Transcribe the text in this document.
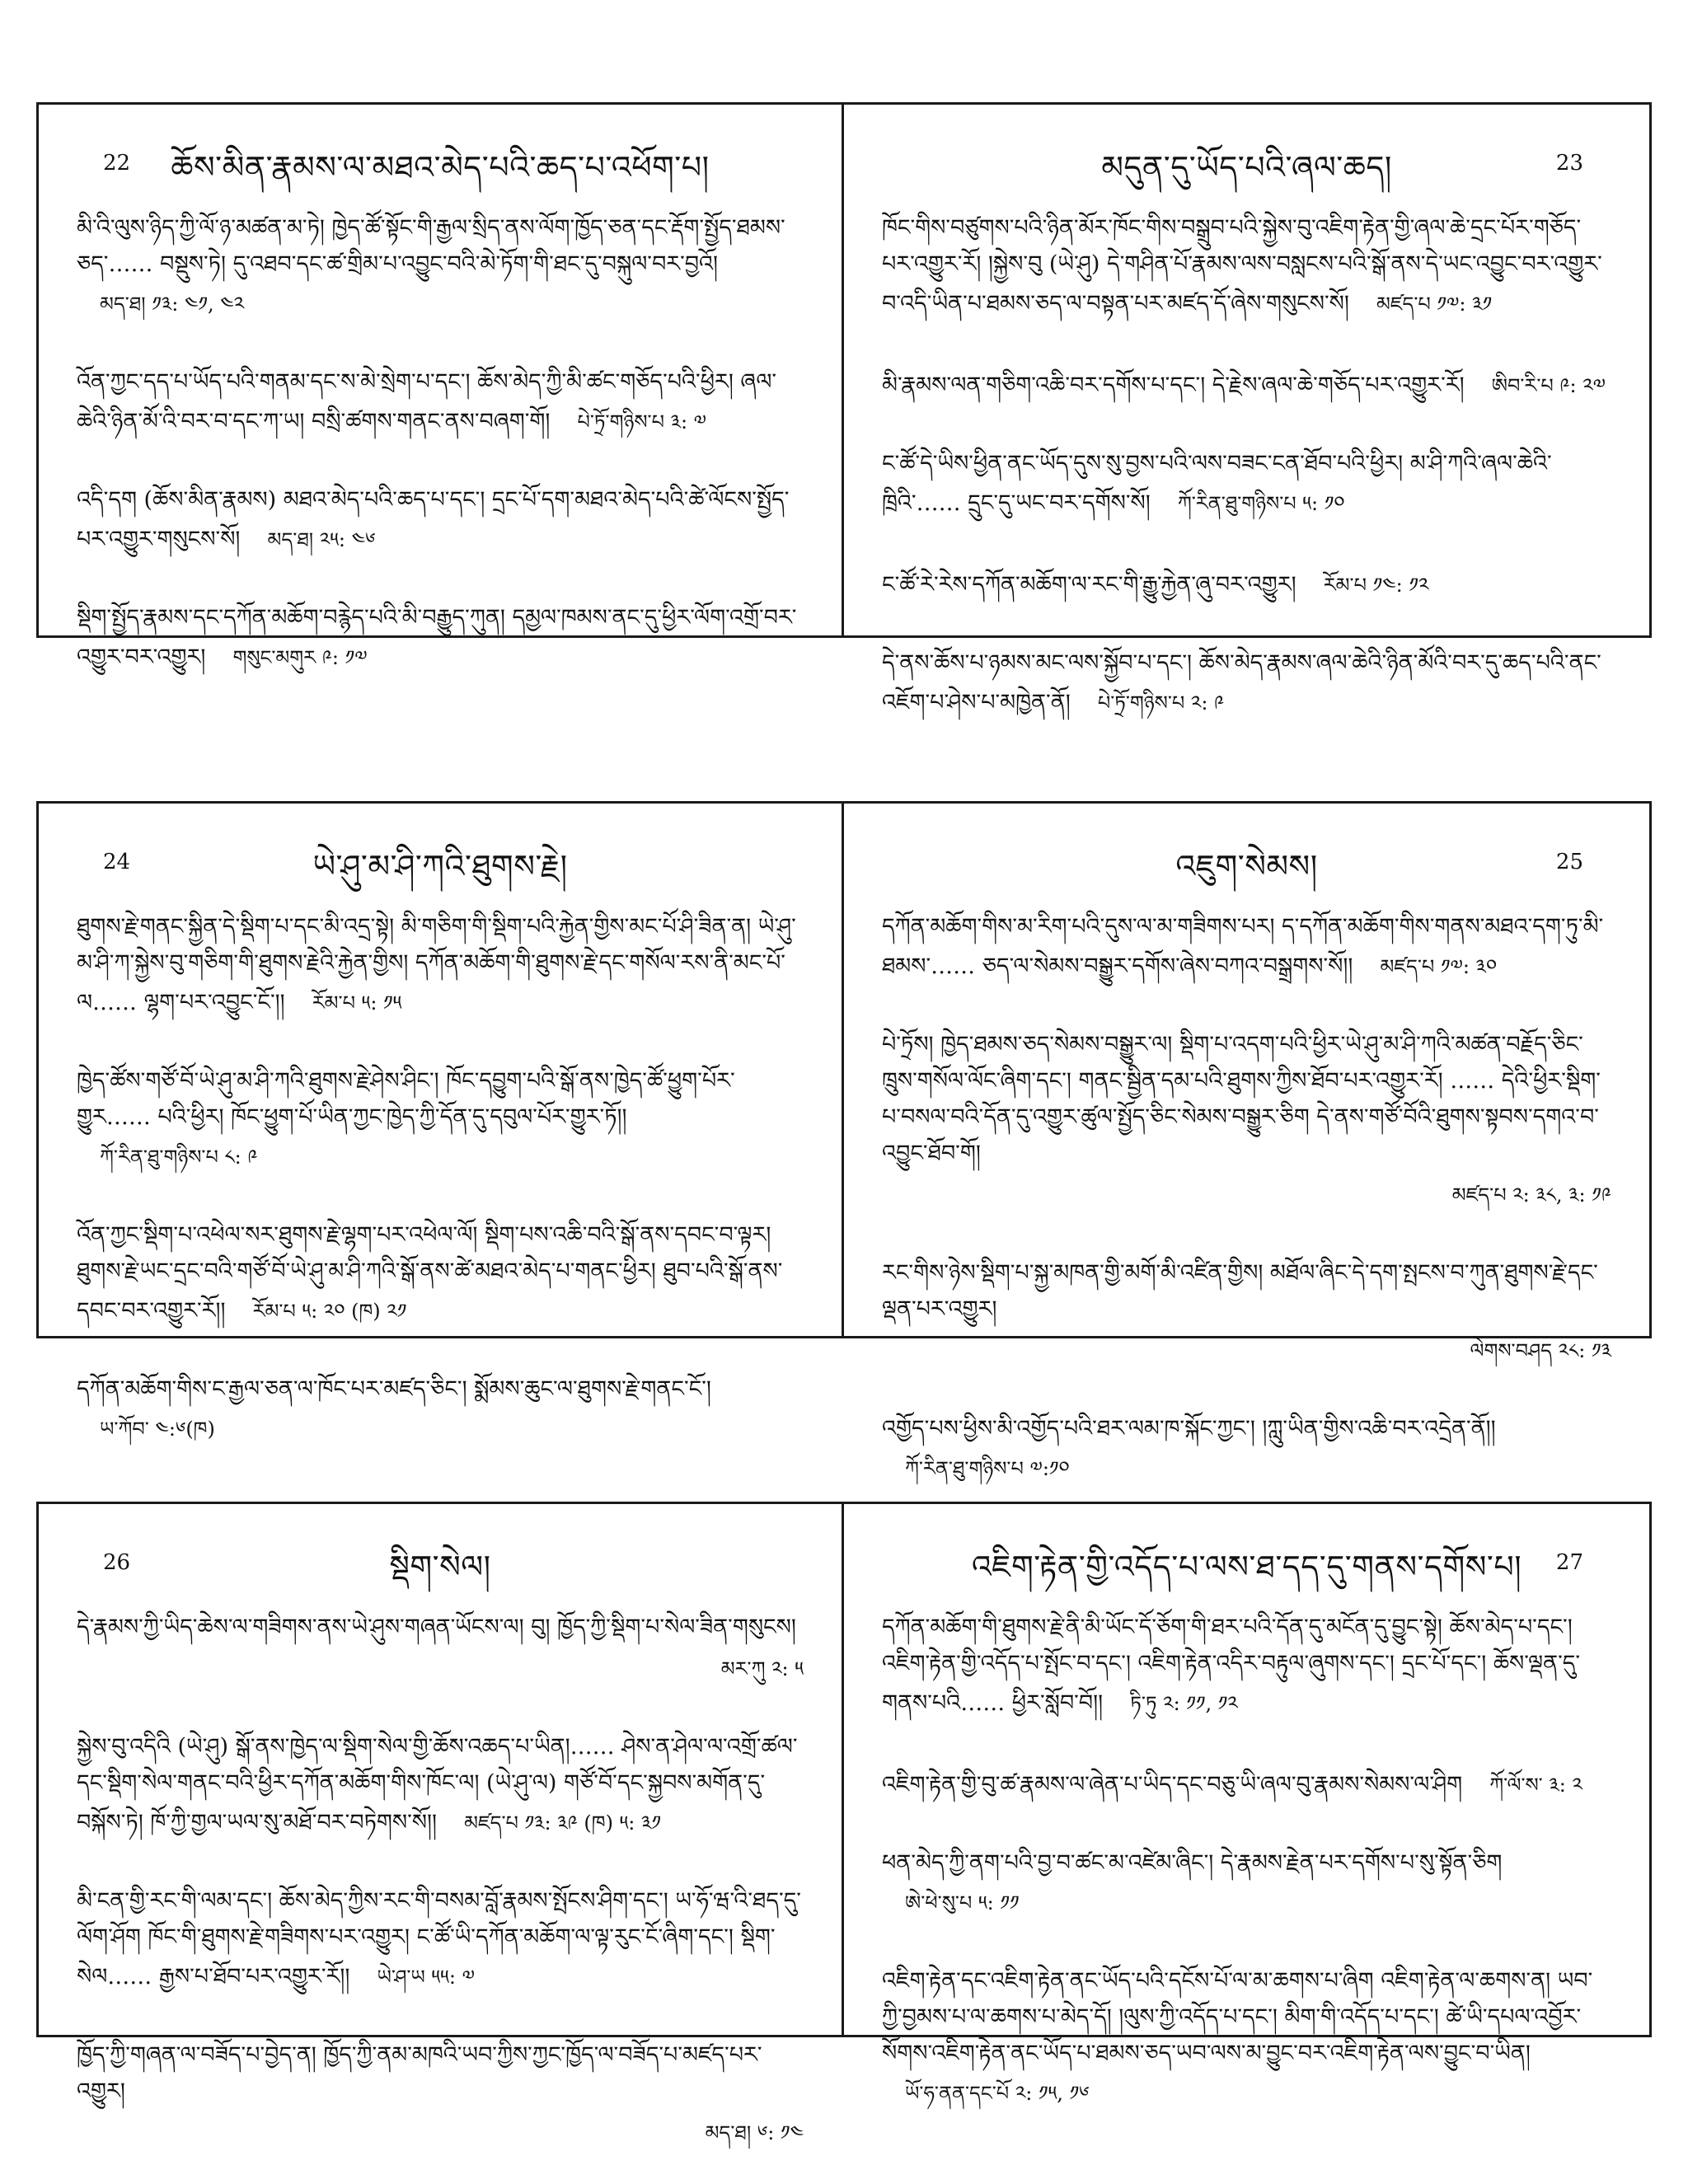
22	ཆོས་མིན་རྣམས་ལ་མཐའ་མེད་པའི་ཆད་པ་འཕོག་པ།
མི་འི་ལུས་ཉིད་ཀྱི་ལོ་ཉ་མཚན་མ་ཏེ། ཁྱེད་ཚོ་སྟོང་གི་རྒྱལ་སྲིད་ནས་ལོག་ཁྱོད་ཅན་དང་རྡོག་སྤྱོད་ཐམས་ཅད་…… བསྡུས་ཏེ། དུ་འཐབ་དང་ཚ་གྲིམ་པ་འབྱུང་བའི་མེ་ཏོག་གི་ཐང་དུ་བསྐུལ་བར་བྱའོ། མད་ཐ། ༡༣: ༤༡, ༤༢
འོན་ཀྱང་དད་པ་ཡོད་པའི་གནམ་དང་ས་མེ་སྲེག་པ་དང་། ཆོས་མེད་ཀྱི་མི་ཚང་གཅོད་པའི་ཕྱིར། ཞལ་ཆེའི་ཉིན་མོ་འི་བར་བ་དང་ཀ་ཡ། བསྲི་ཚགས་གནང་ནས་བཞག་གོ། པེ་ཏྲོ་གཉིས་པ ༣: ༧
འདི་དག (ཆོས་མིན་རྣམས) མཐའ་མེད་པའི་ཆད་པ་དང་། དྲང་པོ་དག་མཐའ་མེད་པའི་ཚེ་ལོངས་སྤྱོད་པར་འགྱུར་གསུངས་སོ། མད་ཐ། ༢༥: ༤༦
སྡིག་སྤྱོད་རྣམས་དང་དཀོན་མཆོག་བརྙེད་པའི་མི་བརྒྱུད་ཀུན། དམྱལ་ཁམས་ནང་དུ་ཕྱིར་ལོག་འགྲོ་བར་འགྱུར་བར་འགྱུར། གསུང་མགུར ༩: ༡༧
མདུན་དུ་ཡོད་པའི་ཞལ་ཆད།	23
ཁོང་གིས་བཙུགས་པའི་ཉིན་མོར་ཁོང་གིས་བསྒྲུབ་པའི་སྐྱེས་བུ་འཇིག་རྟེན་གྱི་ཞལ་ཆེ་དྲང་པོར་གཅོད་པར་འགྱུར་རོ། །སྐྱེས་བུ (ཡེ་ཤུ) དེ་གཤིན་པོ་རྣམས་ལས་བསླངས་པའི་སྒོ་ནས་དེ་ཡང་འབྱུང་བར་འགྱུར་བ་འདི་ཡིན་པ་ཐམས་ཅད་ལ་བསྟན་པར་མཛད་དོ་ཞེས་གསུངས་སོ། མཛད་པ ༡༧: ༣༡
མི་རྣམས་ལན་གཅིག་འཆི་བར་དགོས་པ་དང་། དེ་རྗེས་ཞལ་ཆེ་གཅོད་པར་འགྱུར་རོ། ཨིབ་རི་པ ༩: ༢༧
ང་ཚོ་དེ་ཡིས་ཕྱིན་ནང་ཡོད་དུས་སུ་བྱས་པའི་ལས་བཟང་ངན་ཐོབ་པའི་ཕྱིར། མ་ཤི་ཀའི་ཞལ་ཆེའི་ཁྲིའི་…… དྲུང་དུ་ཡང་བར་དགོས་སོ། ཀོ་རིན་ཐུ་གཉིས་པ ༥: ༡༠
ང་ཚོ་རེ་རེས་དཀོན་མཆོག་ལ་རང་གི་རྒྱུ་རྐྱེན་ཞུ་བར་འགྱུར། རོམ་པ ༡༤: ༡༢
དེ་ནས་ཆོས་པ་ཉམས་མང་ལས་སྐྱོབ་པ་དང་། ཆོས་མེད་རྣམས་ཞལ་ཆེའི་ཉིན་མོའི་བར་དུ་ཆད་པའི་ནང་འཇོག་པ་ཤེས་པ་མཁྱེན་ནོ། པེ་ཏྲོ་གཉིས་པ ༢: ༩
24	ཡེ་ཤུ་མ་ཤི་ཀའི་ཐུགས་རྗེ།
ཐུགས་རྗེ་གནང་སྐྱིན་དེ་སྡིག་པ་དང་མི་འདྲ་སྟེ། མི་གཅིག་གི་སྡིག་པའི་རྐྱེན་གྱིས་མང་པོ་ཤི་ཟིན་ན། ཡེ་ཤུ་མ་ཤི་ཀ་སྐྱེས་བུ་གཅིག་གི་ཐུགས་རྗེའི་རྐྱེན་གྱིས། དཀོན་མཆོག་གི་ཐུགས་རྗེ་དང་གསོལ་རས་ནི་མང་པོ་ལ…… ལྷག་པར་འབྱུང་ངོ་།། རོམ་པ ༥: ༡༥
ཁྱེད་ཚོས་གཙོ་བོ་ཡེ་ཤུ་མ་ཤི་ཀའི་ཐུགས་རྗེ་ཤེས་ཤིང་། ཁོང་དབྱུག་པའི་སྒོ་ནས་ཁྱེད་ཚོ་ཕྱུག་པོར་གྱུར…… པའི་ཕྱིར། ཁོང་ཕྱུག་པོ་ཡིན་ཀྱང་ཁྱེད་ཀྱི་དོན་དུ་དབུལ་པོར་གྱུར་ཏོ།། ཀོ་རིན་ཐུ་གཉིས་པ ༨: ༩
འོན་ཀྱང་སྡིག་པ་འཕེལ་སར་ཐུགས་རྗེ་ལྷག་པར་འཕེལ་ལོ། སྡིག་པས་འཆི་བའི་སྒོ་ནས་དབང་བ་ལྟར། ཐུགས་རྗེ་ཡང་དྲང་བའི་གཙོ་བོ་ཡེ་ཤུ་མ་ཤི་ཀའི་སྒོ་ནས་ཚེ་མཐའ་མེད་པ་གནང་ཕྱིར། ཐུབ་པའི་སྒོ་ནས་དབང་བར་འགྱུར་རོ།། རོམ་པ ༥: ༢༠ (ཁ) ༢༡
དཀོན་མཆོག་གིས་ང་རྒྱལ་ཅན་ལ་ཁོང་པར་མཛད་ཅིང་། སྨོམས་ཆུང་ལ་ཐུགས་རྗེ་གནང་ངོ་། ཡ་ཀོབ་ ༤:༦(ཁ)
འཇུག་སེམས།	25
དཀོན་མཆོག་གིས་མ་རིག་པའི་དུས་ལ་མ་གཟིགས་པར། ད་དཀོན་མཆོག་གིས་གནས་མཐའ་དག་ཏུ་མི་ཐམས་…… ཅད་ལ་སེམས་བསྒྱུར་དགོས་ཞེས་བཀའ་བསྒྲགས་སོ།། མཛད་པ ༡༧: ༣༠
པེ་ཏྲོས། ཁྱེད་ཐམས་ཅད་སེམས་བསྒྱུར་ལ། སྡིག་པ་འདག་པའི་ཕྱིར་ཡེ་ཤུ་མ་ཤི་ཀའི་མཚན་བརྗོད་ཅིང་ཁྲུས་གསོལ་ལོང་ཞིག་དང་། གནང་སྦྱིན་དམ་པའི་ཐུགས་ཀྱིས་ཐོབ་པར་འགྱུར་རོ། …… དེའི་ཕྱིར་སྡིག་པ་བསལ་བའི་དོན་དུ་འགྱུར་ཚུལ་སྤྱོད་ཅིང་སེམས་བསྒྱུར་ཅིག དེ་ནས་གཙོ་བོའི་ཐུགས་སྟབས་དགའ་བ་འབྱུང་ཐོབ་གོ།
མཛད་པ ༢: ༣༨, ༣: ༡༩
རང་གིས་ཉེས་སྡིག་པ་སྐྱ་མཁན་གྱི་མགོ་མི་འཛིན་གྱིས། མཐོལ་ཞིང་དེ་དག་སྤངས་བ་ཀུན་ཐུགས་རྗེ་དང་ལྡན་པར་འགྱུར།
ལེགས་བཤད ༢༨: ༡༣
འགྱོད་པས་ཕྱིས་མི་འགྱོད་པའི་ཐར་ལམ་ཁ་སྐོང་ཀྱང་། །ཀླུ་ཡིན་གྱིས་འཆི་བར་འདྲེན་ནོ།། ཀོ་རིན་ཐུ་གཉིས་པ ༧:༡༠
26	སྡིག་སེལ།
དེ་རྣམས་ཀྱི་ཡིད་ཆེས་ལ་གཟིགས་ནས་ཡེ་ཤུས་གཞན་ཡོངས་ལ། བུ། ཁྱོད་ཀྱི་སྡིག་པ་སེལ་ཟིན་གསུངས།
མར་ཀུ ༢: ༥
སྐྱེས་བུ་འདིའི (ཡེ་ཤུ) སྒོ་ནས་ཁྱེད་ལ་སྡིག་སེལ་གྱི་ཆོས་འཆད་པ་ཡིན།…… ཤེས་ན་ཤེལ་ལ་འགྲོ་ཚལ་ དང་སྡིག་སེལ་གནང་བའི་ཕྱིར་དཀོན་མཆོག་གིས་ཁོང་ལ། (ཡེ་ཤུ་ལ) གཙོ་བོ་དང་སྐྱབས་མགོན་དུ་བསྐོས་ཏེ། ཁོ་ཀྱི་གྱལ་ཡལ་སུ་མཐོ་བར་བཏེགས་སོ།། མཛད་པ ༡༣: ༣༩ (ཁ) ༥: ༣༡
མི་ངན་གྱི་རང་གི་ལམ་དང་། ཆོས་མེད་ཀྱིས་རང་གི་བསམ་བློ་རྣམས་སྤོངས་ཤིག་དང་། ཡ་ཧོ་ཝ་འི་ཐད་དུ་ལོག་ཤོག ཁོང་གི་ཐུགས་རྗེ་གཟིགས་པར་འགྱུར། ང་ཚོ་ཡི་དཀོན་མཆོག་ལ་ལྟ་རུང་ངོ་ཞིག་དང་། སྡིག་སེལ…… རྒྱས་པ་ཐོབ་པར་འགྱུར་རོ།། ཡེ་ཤ་ཡ ༥༥: ༧
ཁྱོད་ཀྱི་གཞན་ལ་བཟོད་པ་བྱེད་ན། ཁྱོད་ཀྱི་ནམ་མཁའི་ཡབ་ཀྱིས་ཀྱང་ཁྱོད་ལ་བཟོད་པ་མཛད་པར་འགྱུར།
མད་ཐ། ༦: ༡༤
འཇིག་རྟེན་གྱི་འདོད་པ་ལས་ཐ་དད་དུ་གནས་དགོས་པ།	27
དཀོན་མཆོག་གི་ཐུགས་རྗེ་ནི་མི་ཡོང་དོ་ཅོག་གི་ཐར་པའི་དོན་དུ་མངོན་དུ་བྱུང་སྟེ། ཆོས་མེད་པ་དང་། འཇིག་རྟེན་གྱི་འདོད་པ་སྤོང་བ་དང་། འཇིག་རྟེན་འདིར་བརྟུལ་ཞུགས་དང་། དྲང་པོ་དང་། ཆོས་ལྡན་དུ་གནས་པའི…… ཕྱིར་སློབ་བོ།། ཏི་ཏུ ༢: ༡༡, ༡༢
འཇིག་རྟེན་གྱི་བུ་ཚ་རྣམས་ལ་ཞེན་པ་ཡིད་དང་བཅུ་ཡི་ཞལ་བུ་རྣམས་སེམས་ལ་ཤིག ཀོ་ལོ་ས་ ༣: ༢
ཕན་མེད་ཀྱི་ནག་པའི་བྱ་བ་ཚང་མ་འཛེམ་ཞིང་། དེ་རྣམས་རྗེན་པར་དགོས་པ་སུ་སྟོན་ཅིག ཨེ་ཕེ་སུ་པ ༥: ༡༡
འཇིག་རྟེན་དང་འཇིག་རྟེན་ནང་ཡོད་པའི་དངོས་པོ་ལ་མ་ཆགས་པ་ཞིག འཇིག་རྟེན་ལ་ཆགས་ན། ཡབ་ཀྱི་བྱམས་པ་ལ་ཆགས་པ་མེད་དོ། །ལུས་ཀྱི་འདོད་པ་དང་། མིག་གི་འདོད་པ་དང་། ཚེ་ཡི་དཔལ་འབྱོར་སོགས་འཇིག་རྟེན་ནང་ཡོད་པ་ཐམས་ཅད་ཡབ་ལས་མ་བྱུང་བར་འཇིག་རྟེན་ལས་བྱུང་བ་ཡིན། ཡོ་ཧ་ནན་དང་པོ ༢: ༡༥, ༡༦
